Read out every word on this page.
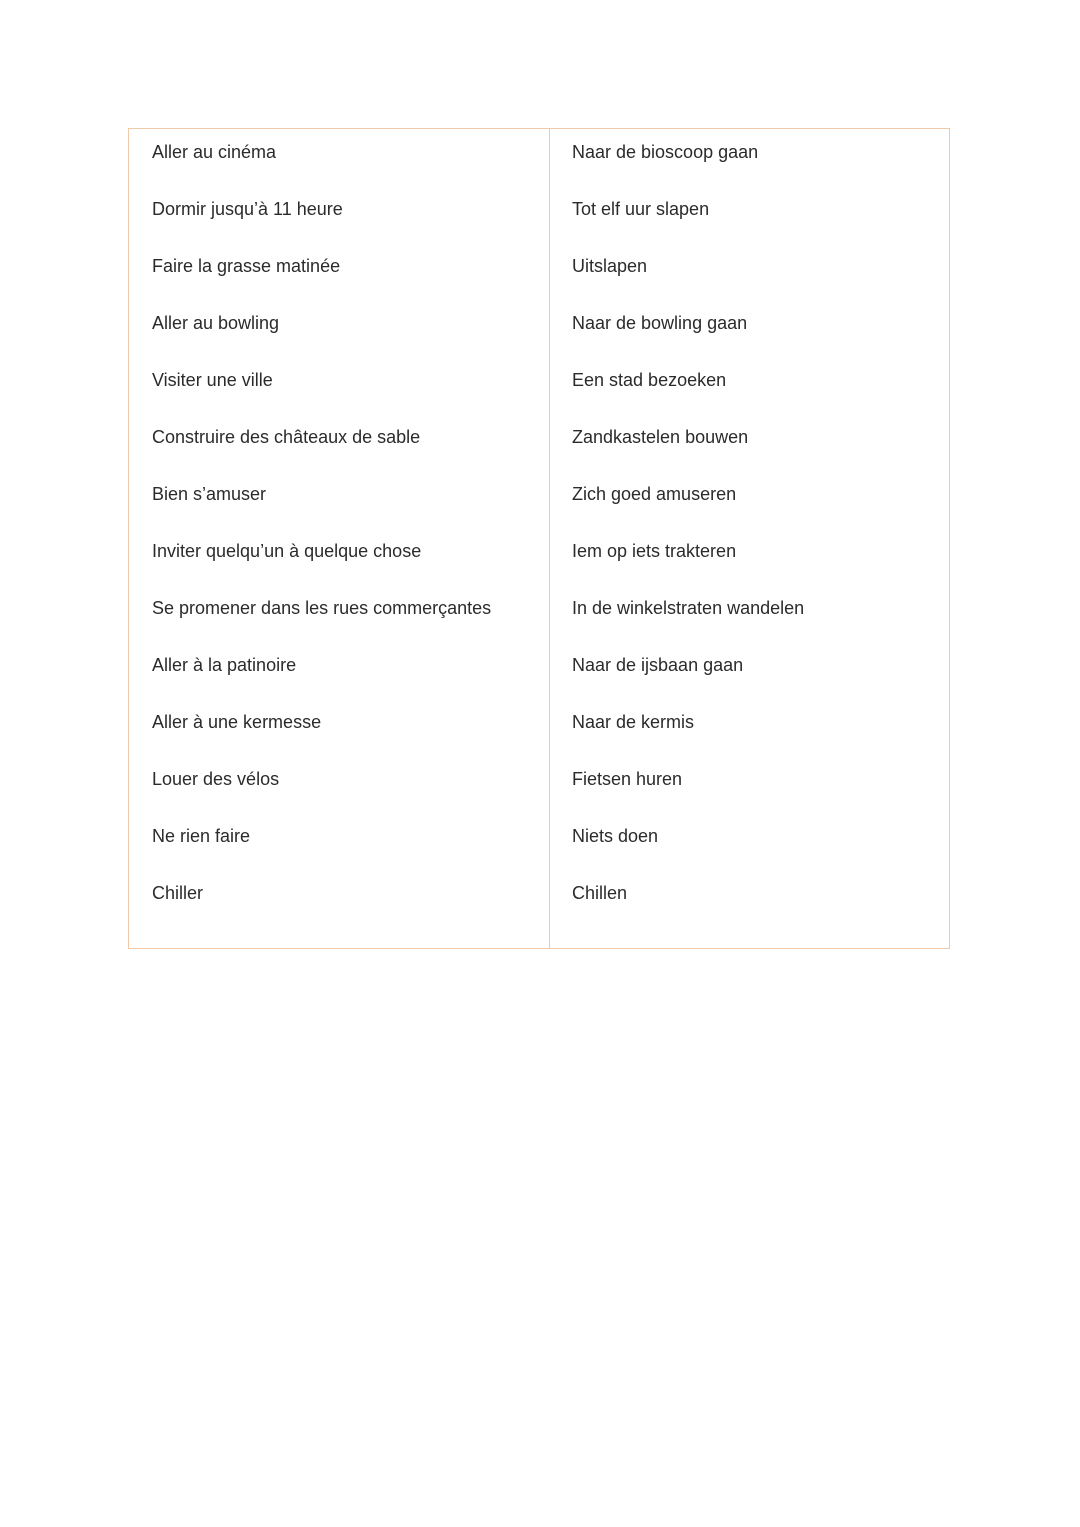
Aller au cinéma
Dormir jusqu’à 11 heure
Faire la grasse matinée
Aller au bowling
Visiter une ville
Construire des châteaux de sable
Bien s’amuser
Inviter quelqu’un à quelque chose
Se promener dans les rues commerçantes
Aller à la patinoire
Aller à une kermesse
Louer des vélos
Ne rien faire
Chiller
Naar de bioscoop gaan
Tot elf uur slapen
Uitslapen
Naar de bowling gaan
Een stad bezoeken
Zandkastelen bouwen
Zich goed amuseren
Iem op iets trakteren
In de winkelstraten wandelen
Naar de ijsbaan gaan
Naar de kermis
Fietsen huren
Niets doen
Chillen
